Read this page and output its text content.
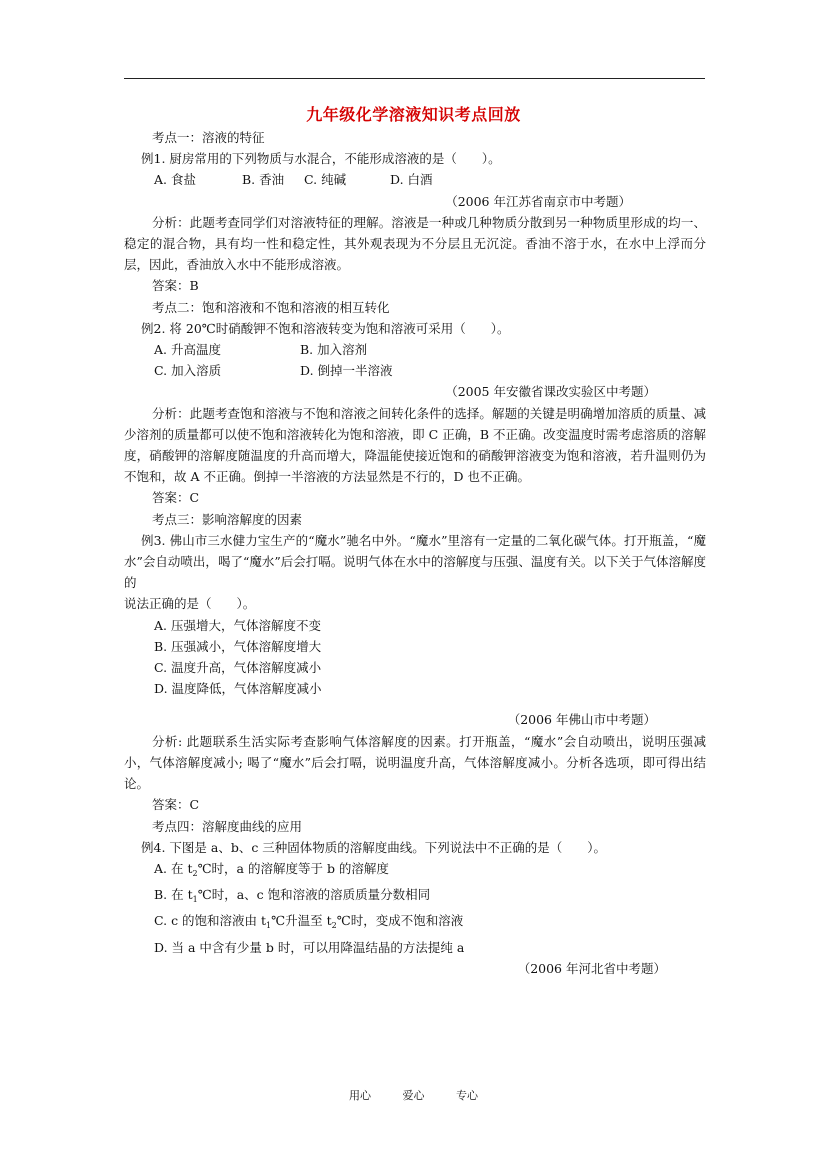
九年级化学溶液知识考点回放

考点一：溶液的特征

例1. 厨房常用的下列物质与水混合，不能形成溶液的是（　　）。

A. 食盐	B. 香油	C. 纯碱	D. 白酒

（2006 年江苏省南京市中考题）

分析：此题考查同学们对溶液特征的理解。溶液是一种或几种物质分散到另一种物质里形成的均一、稳定的混合物，具有均一性和稳定性，其外观表现为不分层且无沉淀。香油不溶于水，在水中上浮而分层，因此，香油放入水中不能形成溶液。

答案：B

考点二：饱和溶液和不饱和溶液的相互转化

例2. 将 20℃时硝酸钾不饱和溶液转变为饱和溶液可采用（　　）。

A. 升高温度	B. 加入溶剂
C. 加入溶质	D. 倒掉一半溶液

（2005 年安徽省课改实验区中考题）

分析：此题考查饱和溶液与不饱和溶液之间转化条件的选择。解题的关键是明确增加溶质的质量、减少溶剂的质量都可以使不饱和溶液转化为饱和溶液，即 C 正确，B 不正确。改变温度时需考虑溶质的溶解度，硝酸钾的溶解度随温度的升高而增大，降温能使接近饱和的硝酸钾溶液变为饱和溶液，若升温则仍为不饱和，故 A 不正确。倒掉一半溶液的方法显然是不行的，D 也不正确。

答案：C

考点三：影响溶解度的因素

例3. 佛山市三水健力宝生产的“魔水”驰名中外。“魔水”里溶有一定量的二氧化碳气体。打开瓶盖，“魔水”会自动喷出，喝了“魔水”后会打嗝。说明气体在水中的溶解度与压强、温度有关。以下关于气体溶解度的

说法正确的是（　　）。

A. 压强增大，气体溶解度不变

B. 压强减小，气体溶解度增大

C. 温度升高，气体溶解度减小

D. 温度降低，气体溶解度减小

（2006 年佛山市中考题）

分析: 此题联系生活实际考查影响气体溶解度的因素。打开瓶盖，“魔水”会自动喷出，说明压强减小，气体溶解度减小; 喝了“魔水”后会打嗝，说明温度升高，气体溶解度减小。分析各选项，即可得出结论。

答案：C

考点四：溶解度曲线的应用

例4. 下图是 a、b、c 三种固体物质的溶解度曲线。下列说法中不正确的是（　　）。

A. 在 $t_2℃$时，a 的溶解度等于 b 的溶解度

B. 在 $t_1℃$时，a、c 饱和溶液的溶质质量分数相同

C. c 的饱和溶液由 $t_1℃$升温至 $t_2℃$时，变成不饱和溶液

D. 当 a 中含有少量 b 时，可以用降温结晶的方法提纯 a

（2006 年河北省中考题）

用心	爱心	专心
